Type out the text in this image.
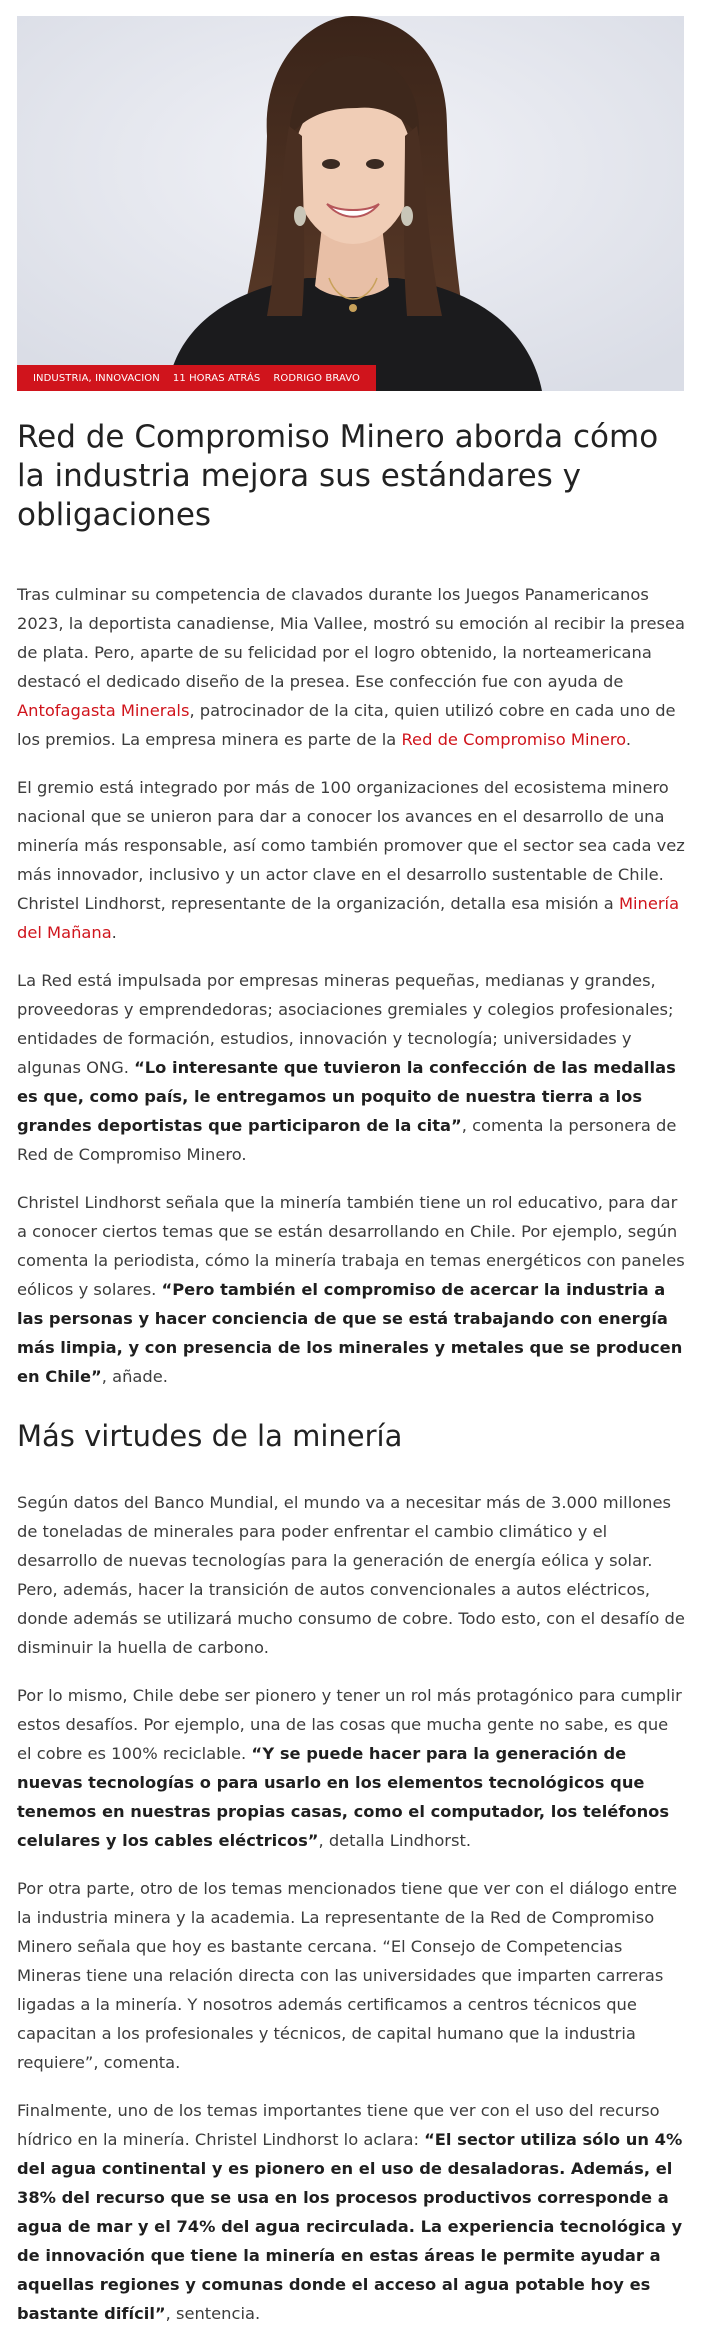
INDUSTRIA, INNOVACION 11 HORAS ATRÁS RODRIGO BRAVO
Red de Compromiso Minero aborda cómo la industria mejora sus estándares y obligaciones

Tras culminar su competencia de clavados durante los Juegos Panamericanos 2023, la deportista canadiense, Mia Vallee, mostró su emoción al recibir la presea de plata. Pero, aparte de su felicidad por el logro obtenido, la norteamericana destacó el dedicado diseño de la presea. Ese confección fue con ayuda de Antofagasta Minerals, patrocinador de la cita, quien utilizó cobre en cada uno de los premios. La empresa minera es parte de la Red de Compromiso Minero.

El gremio está integrado por más de 100 organizaciones del ecosistema minero nacional que se unieron para dar a conocer los avances en el desarrollo de una minería más responsable, así como también promover que el sector sea cada vez más innovador, inclusivo y un actor clave en el desarrollo sustentable de Chile. Christel Lindhorst, representante de la organización, detalla esa misión a Minería del Mañana.

La Red está impulsada por empresas mineras pequeñas, medianas y grandes, proveedoras y emprendedoras; asociaciones gremiales y colegios profesionales; entidades de formación, estudios, innovación y tecnología; universidades y algunas ONG. “Lo interesante que tuvieron la confección de las medallas es que, como país, le entregamos un poquito de nuestra tierra a los grandes deportistas que participaron de la cita”, comenta la personera de Red de Compromiso Minero.

Christel Lindhorst señala que la minería también tiene un rol educativo, para dar a conocer ciertos temas que se están desarrollando en Chile. Por ejemplo, según comenta la periodista, cómo la minería trabaja en temas energéticos con paneles eólicos y solares. “Pero también el compromiso de acercar la industria a las personas y hacer conciencia de que se está trabajando con energía más limpia, y con presencia de los minerales y metales que se producen en Chile”, añade.

Más virtudes de la minería

Según datos del Banco Mundial, el mundo va a necesitar más de 3.000 millones de toneladas de minerales para poder enfrentar el cambio climático y el desarrollo de nuevas tecnologías para la generación de energía eólica y solar. Pero, además, hacer la transición de autos convencionales a autos eléctricos, donde además se utilizará mucho consumo de cobre. Todo esto, con el desafío de disminuir la huella de carbono.

Por lo mismo, Chile debe ser pionero y tener un rol más protagónico para cumplir estos desafíos. Por ejemplo, una de las cosas que mucha gente no sabe, es que el cobre es 100% reciclable. “Y se puede hacer para la generación de nuevas tecnologías o para usarlo en los elementos tecnológicos que tenemos en nuestras propias casas, como el computador, los teléfonos celulares y los cables eléctricos”, detalla Lindhorst.

Por otra parte, otro de los temas mencionados tiene que ver con el diálogo entre la industria minera y la academia. La representante de la Red de Compromiso Minero señala que hoy es bastante cercana. “El Consejo de Competencias Mineras tiene una relación directa con las universidades que imparten carreras ligadas a la minería. Y nosotros además certificamos a centros técnicos que capacitan a los profesionales y técnicos, de capital humano que la industria requiere”, comenta.

Finalmente, uno de los temas importantes tiene que ver con el uso del recurso hídrico en la minería. Christel Lindhorst lo aclara: “El sector utiliza sólo un 4% del agua continental y es pionero en el uso de desaladoras. Además, el 38% del recurso que se usa en los procesos productivos corresponde a agua de mar y el 74% del agua recirculada. La experiencia tecnológica y de innovación que tiene la minería en estas áreas le permite ayudar a aquellas regiones y comunas donde el acceso al agua potable hoy es bastante difícil”, sentencia.
